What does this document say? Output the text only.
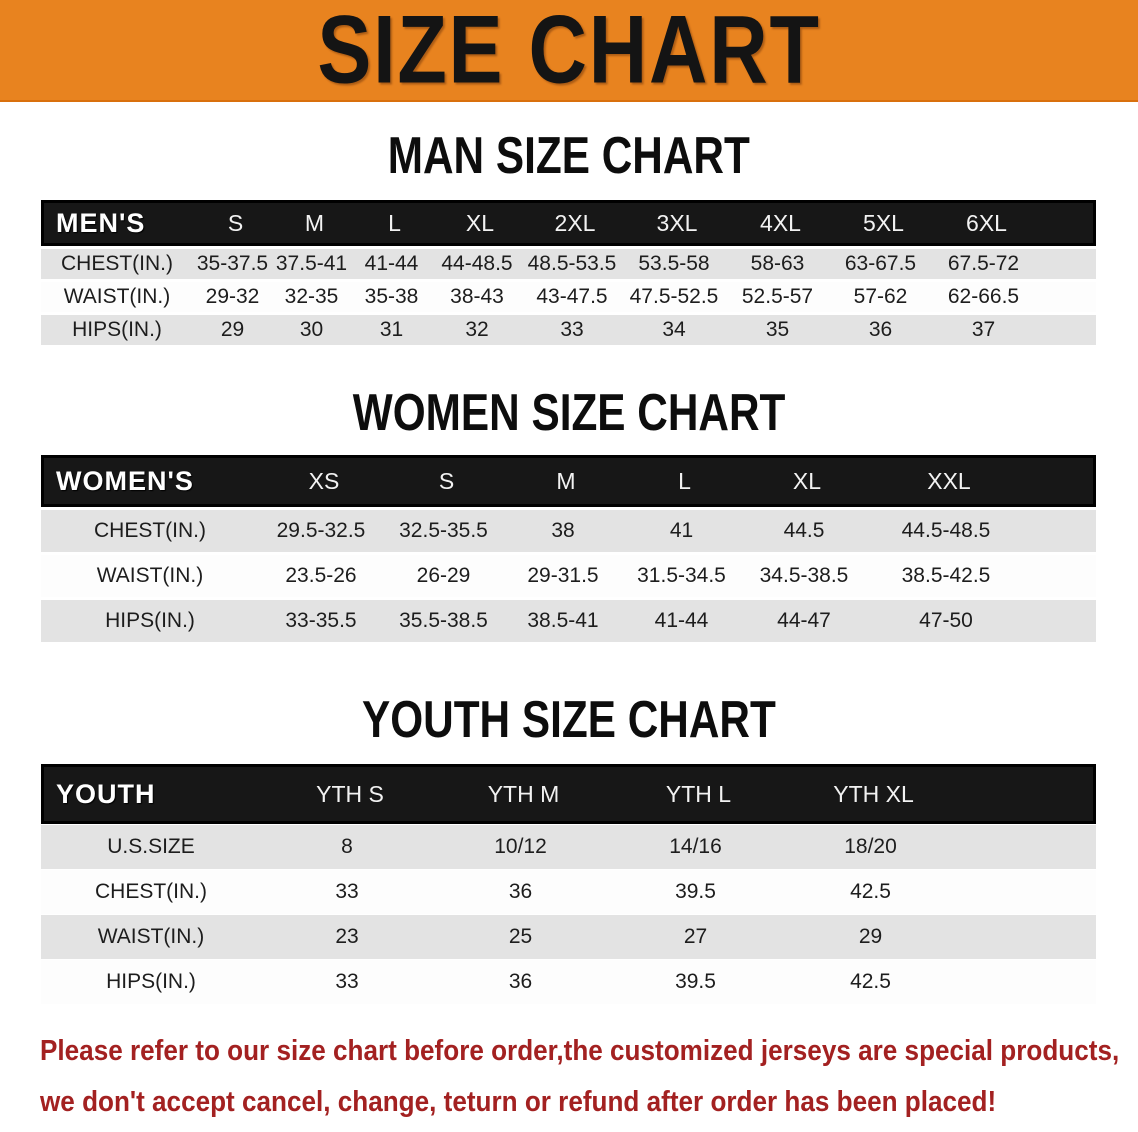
SIZE CHART
MAN SIZE CHART
MEN'S	S	M	L	XL	2XL	3XL	4XL	5XL	6XL
CHEST(IN.)	35-37.5 37.5-41 41-44	44-48.5 48.5-53.5	53.5-58	58-63	63-67.5	67.5-72
WAIST(IN.)	29-32	32-35	35-38	38-43	43-47.5	47.5-52.5	52.5-57	57-62	62-66.5
HIPS(IN.)	29	30	31	32	33	34	35	36	37
WOMEN SIZE CHART
WOMEN'S	XS	S	M	L	XL	XXL
CHEST(IN.)	29.5-32.5	32.5-35.5	38	41	44.5	44.5-48.5
WAIST(IN.)	23.5-26	26-29	29-31.5	31.5-34.5	34.5-38.5	38.5-42.5
HIPS(IN.)	33-35.5	35.5-38.5	38.5-41	41-44	44-47	47-50
YOUTH SIZE CHART
YOUTH	YTH S	YTH M	YTH L	YTH XL
U.S.SIZE	8	10/12	14/16	18/20
CHEST(IN.)	33	36	39.5	42.5
WAIST(IN.)	23	25	27	29
HIPS(IN.)	33	36	39.5	42.5
Please refer to our size chart before order,the customized jerseys are special products,
we don't accept cancel, change, teturn or refund after order has been placed!
